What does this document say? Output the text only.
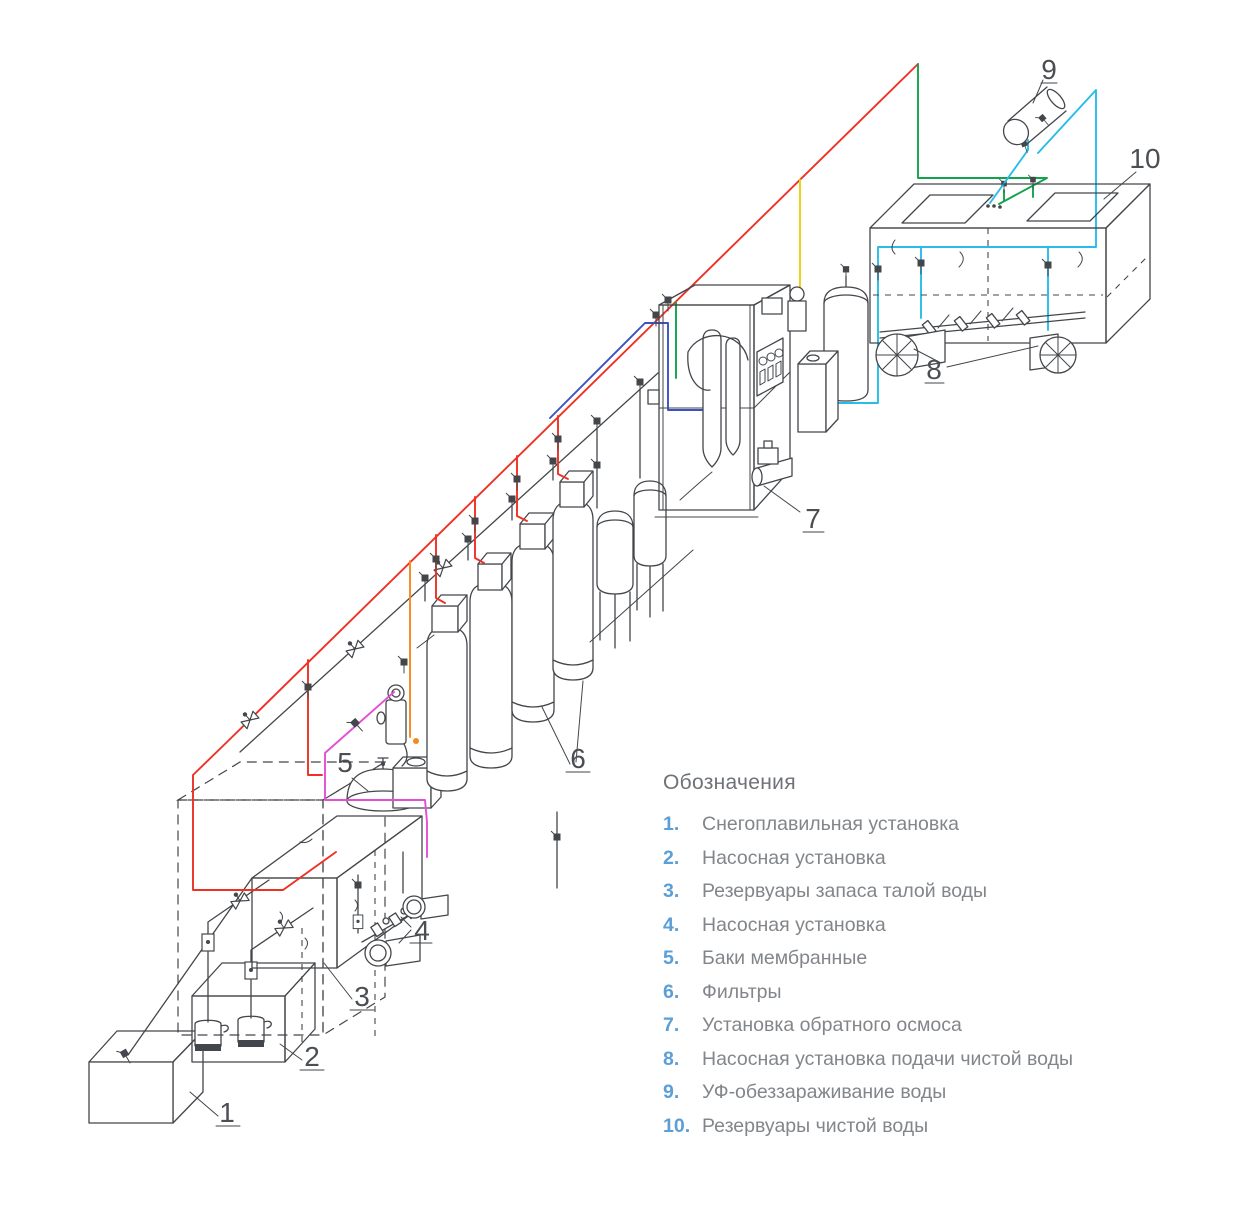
1
2
3
4
5	6
7
8
9
10
Обозначения
1.	Снегоплавильная установка
2.	Насосная установка
3.	Резервуары запаса талой воды
4.	Насосная установка
5.	Баки мембранные
6.	Фильтры
7.	Установка обратного осмоса
8.	Насосная установка подачи чистой воды
9.	УФ-обеззараживание воды
10. Резервуары чистой воды
